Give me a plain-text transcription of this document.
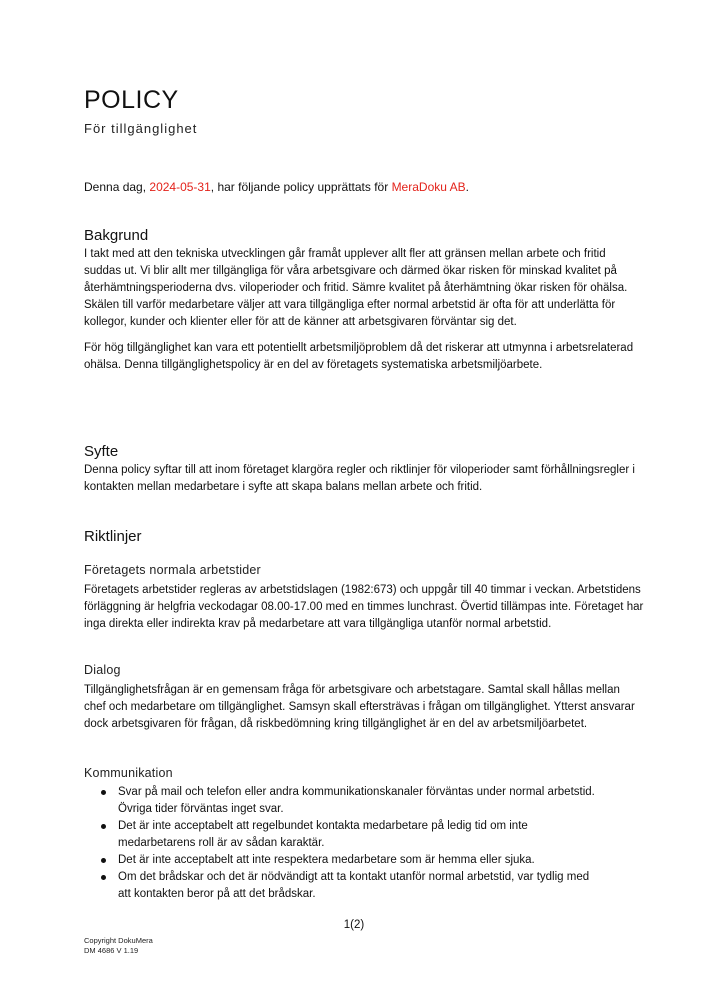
POLICY
För tillgänglighet
Denna dag, 2024-05-31, har följande policy upprättats för MeraDoku AB.
Bakgrund

I takt med att den tekniska utvecklingen går framåt upplever allt fler att gränsen mellan arbete och fritid suddas ut. Vi blir allt mer tillgängliga för våra arbetsgivare och därmed ökar risken för minskad kvalitet på återhämtningsperioderna dvs. viloperioder och fritid. Sämre kvalitet på återhämtning ökar risken för ohälsa. Skälen till varför medarbetare väljer att vara tillgängliga efter normal arbetstid är ofta för att underlätta för kollegor, kunder och klienter eller för att de känner att arbetsgivaren förväntar sig det.

För hög tillgänglighet kan vara ett potentiellt arbetsmiljöproblem då det riskerar att utmynna i arbetsrelaterad ohälsa. Denna tillgänglighetspolicy är en del av företagets systematiska arbetsmiljöarbete.

Syfte

Denna policy syftar till att inom företaget klargöra regler och riktlinjer för viloperioder samt förhållningsregler i kontakten mellan medarbetare i syfte att skapa balans mellan arbete och fritid.

Riktlinjer
Företagets normala arbetstider

Företagets arbetstider regleras av arbetstidslagen (1982:673) och uppgår till 40 timmar i veckan. Arbetstidens förläggning är helgfria veckodagar 08.00-17.00 med en timmes lunchrast. Övertid tillämpas inte. Företaget har inga direkta eller indirekta krav på medarbetare att vara tillgängliga utanför normal arbetstid.

Dialog

Tillgänglighetsfrågan är en gemensam fråga för arbetsgivare och arbetstagare. Samtal skall hållas mellan chef och medarbetare om tillgänglighet. Samsyn skall eftersträvas i frågan om tillgänglighet. Ytterst ansvarar dock arbetsgivaren för frågan, då riskbedömning kring tillgänglighet är en del av arbetsmiljöarbetet.

Kommunikation
Svar på mail och telefon eller andra kommunikationskanaler förväntas under normal arbetstid. Övriga tider förväntas inget svar.
Det är inte acceptabelt att regelbundet kontakta medarbetare på ledig tid om inte medarbetarens roll är av sådan karaktär.
Det är inte acceptabelt att inte respektera medarbetare som är hemma eller sjuka.
Om det brådskar och det är nödvändigt att ta kontakt utanför normal arbetstid, var tydlig med att kontakten beror på att det brådskar.
1(2)
Copyright DokuMera
DM 4686 V 1.19
